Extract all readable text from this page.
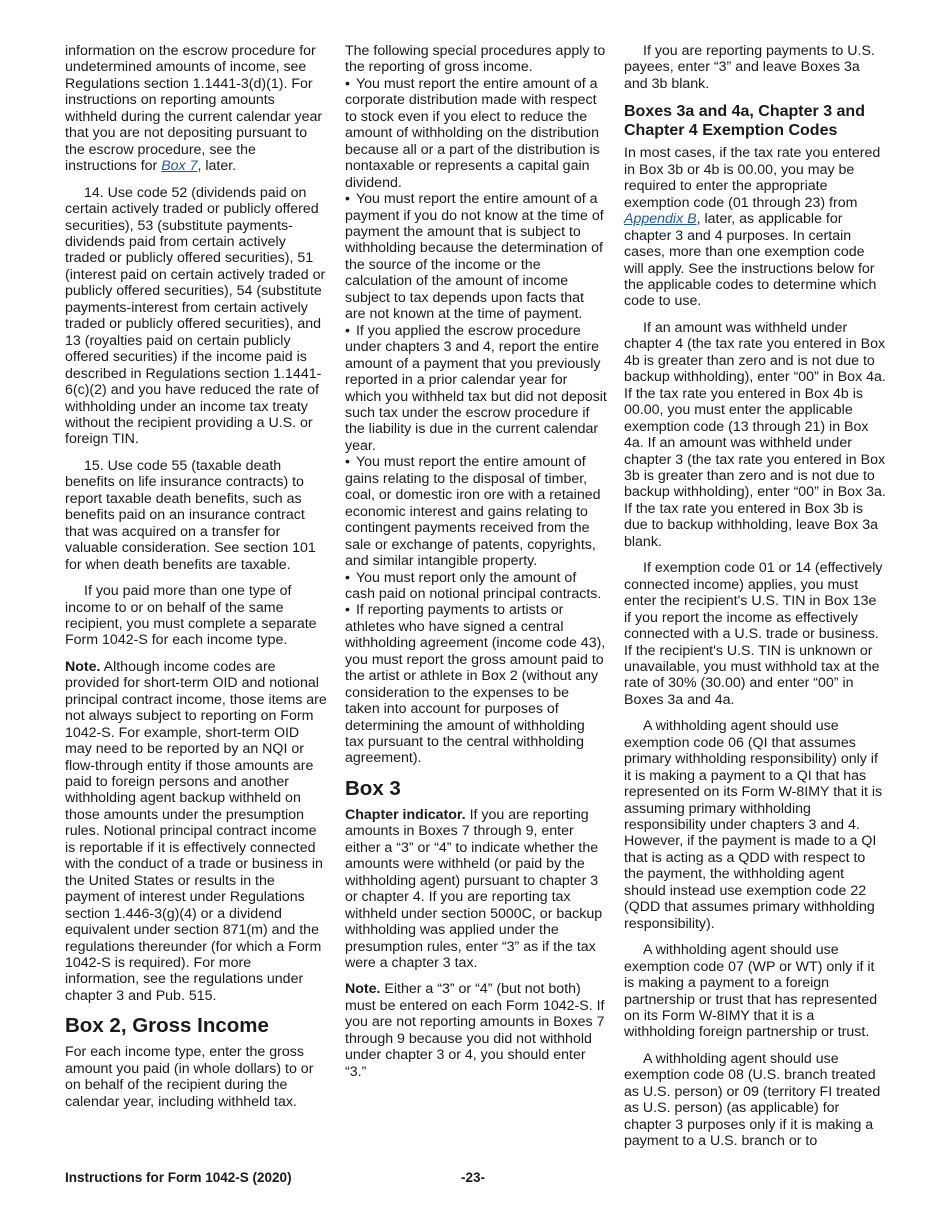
information on the escrow procedure for undetermined amounts of income, see Regulations section 1.1441-3(d)(1). For instructions on reporting amounts withheld during the current calendar year that you are not depositing pursuant to the escrow procedure, see the instructions for Box 7, later.

14. Use code 52 (dividends paid on certain actively traded or publicly offered securities), 53 (substitute payments-dividends paid from certain actively traded or publicly offered securities), 51 (interest paid on certain actively traded or publicly offered securities), 54 (substitute payments-interest from certain actively traded or publicly offered securities), and 13 (royalties paid on certain publicly offered securities) if the income paid is described in Regulations section 1.1441-6(c)(2) and you have reduced the rate of withholding under an income tax treaty without the recipient providing a U.S. or foreign TIN.

15. Use code 55 (taxable death benefits on life insurance contracts) to report taxable death benefits, such as benefits paid on an insurance contract that was acquired on a transfer for valuable consideration. See section 101 for when death benefits are taxable.

If you paid more than one type of income to or on behalf of the same recipient, you must complete a separate Form 1042-S for each income type.

Note. Although income codes are provided for short-term OID and notional principal contract income, those items are not always subject to reporting on Form 1042-S. For example, short-term OID may need to be reported by an NQI or flow-through entity if those amounts are paid to foreign persons and another withholding agent backup withheld on those amounts under the presumption rules. Notional principal contract income is reportable if it is effectively connected with the conduct of a trade or business in the United States or results in the payment of interest under Regulations section 1.446-3(g)(4) or a dividend equivalent under section 871(m) and the regulations thereunder (for which a Form 1042-S is required). For more information, see the regulations under chapter 3 and Pub. 515.

Box 2, Gross Income

For each income type, enter the gross amount you paid (in whole dollars) to or on behalf of the recipient during the calendar year, including withheld tax.

The following special procedures apply to the reporting of gross income.

• You must report the entire amount of a corporate distribution made with respect to stock even if you elect to reduce the amount of withholding on the distribution because all or a part of the distribution is nontaxable or represents a capital gain dividend.

• You must report the entire amount of a payment if you do not know at the time of payment the amount that is subject to withholding because the determination of the source of the income or the calculation of the amount of income subject to tax depends upon facts that are not known at the time of payment.

• If you applied the escrow procedure under chapters 3 and 4, report the entire amount of a payment that you previously reported in a prior calendar year for which you withheld tax but did not deposit such tax under the escrow procedure if the liability is due in the current calendar year.

• You must report the entire amount of gains relating to the disposal of timber, coal, or domestic iron ore with a retained economic interest and gains relating to contingent payments received from the sale or exchange of patents, copyrights, and similar intangible property.

• You must report only the amount of cash paid on notional principal contracts.

• If reporting payments to artists or athletes who have signed a central withholding agreement (income code 43), you must report the gross amount paid to the artist or athlete in Box 2 (without any consideration to the expenses to be taken into account for purposes of determining the amount of withholding tax pursuant to the central withholding agreement).

Box 3

Chapter indicator. If you are reporting amounts in Boxes 7 through 9, enter either a “3” or “4” to indicate whether the amounts were withheld (or paid by the withholding agent) pursuant to chapter 3 or chapter 4. If you are reporting tax withheld under section 5000C, or backup withholding was applied under the presumption rules, enter “3” as if the tax were a chapter 3 tax.

Note. Either a “3” or “4” (but not both) must be entered on each Form 1042-S. If you are not reporting amounts in Boxes 7 through 9 because you did not withhold under chapter 3 or 4, you should enter “3.”

If you are reporting payments to U.S. payees, enter “3” and leave Boxes 3a and 3b blank.

Boxes 3a and 4a, Chapter 3 and Chapter 4 Exemption Codes

In most cases, if the tax rate you entered in Box 3b or 4b is 00.00, you may be required to enter the appropriate exemption code (01 through 23) from Appendix B, later, as applicable for chapter 3 and 4 purposes. In certain cases, more than one exemption code will apply. See the instructions below for the applicable codes to determine which code to use.

If an amount was withheld under chapter 4 (the tax rate you entered in Box 4b is greater than zero and is not due to backup withholding), enter “00” in Box 4a. If the tax rate you entered in Box 4b is 00.00, you must enter the applicable exemption code (13 through 21) in Box 4a. If an amount was withheld under chapter 3 (the tax rate you entered in Box 3b is greater than zero and is not due to backup withholding), enter “00” in Box 3a. If the tax rate you entered in Box 3b is due to backup withholding, leave Box 3a blank.

If exemption code 01 or 14 (effectively connected income) applies, you must enter the recipient's U.S. TIN in Box 13e if you report the income as effectively connected with a U.S. trade or business. If the recipient's U.S. TIN is unknown or unavailable, you must withhold tax at the rate of 30% (30.00) and enter “00” in Boxes 3a and 4a.

A withholding agent should use exemption code 06 (QI that assumes primary withholding responsibility) only if it is making a payment to a QI that has represented on its Form W-8IMY that it is assuming primary withholding responsibility under chapters 3 and 4. However, if the payment is made to a QI that is acting as a QDD with respect to the payment, the withholding agent should instead use exemption code 22 (QDD that assumes primary withholding responsibility).

A withholding agent should use exemption code 07 (WP or WT) only if it is making a payment to a foreign partnership or trust that has represented on its Form W-8IMY that it is a withholding foreign partnership or trust.

A withholding agent should use exemption code 08 (U.S. branch treated as U.S. person) or 09 (territory FI treated as U.S. person) (as applicable) for chapter 3 purposes only if it is making a payment to a U.S. branch or to

Instructions for Form 1042-S (2020)	-23-
